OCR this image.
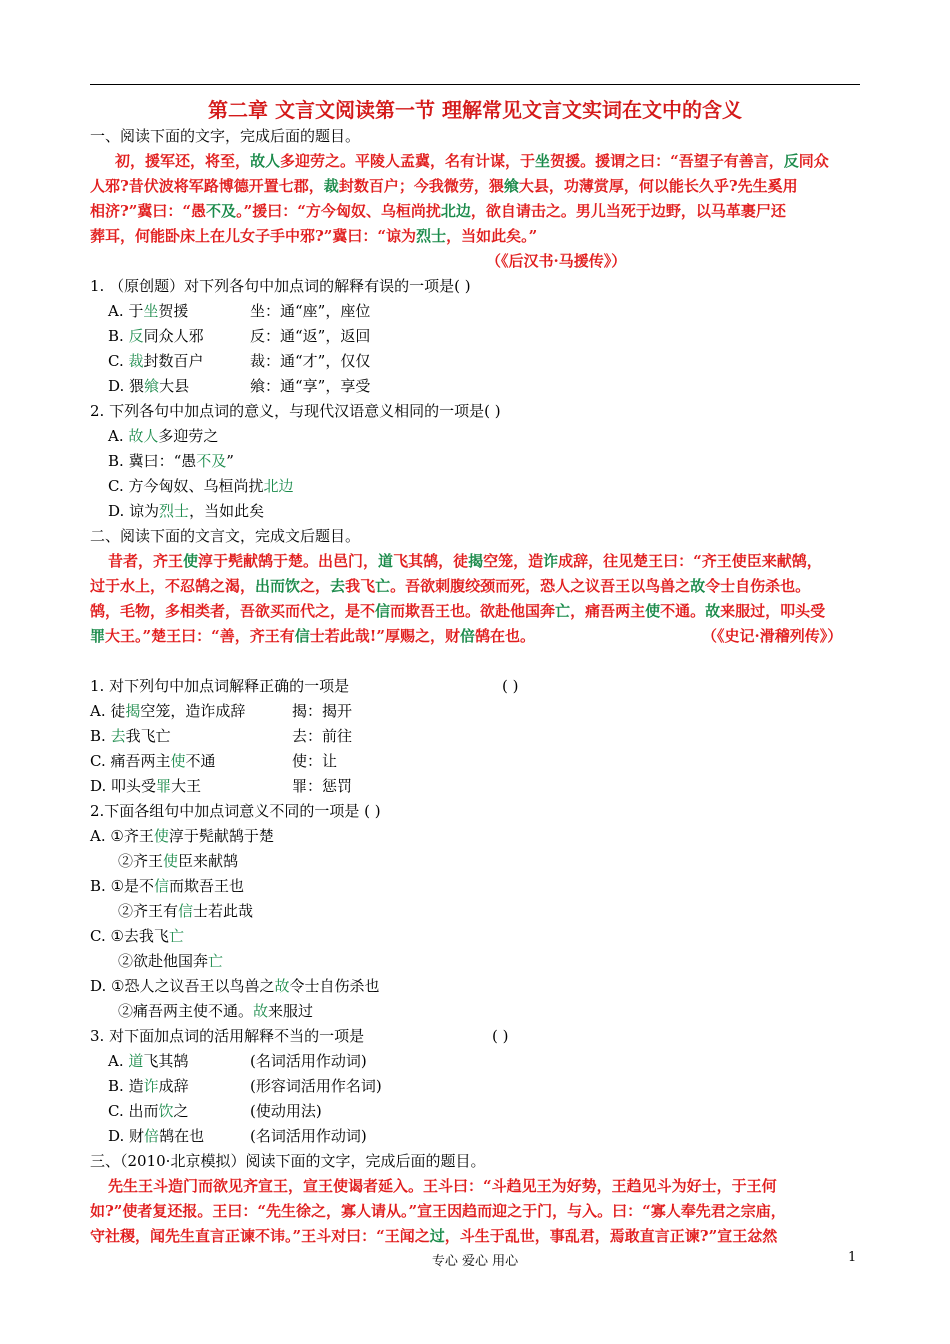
第二章 文言文阅读第一节 理解常见文言文实词在文中的含义
一、阅读下面的文字，完成后面的题目。
初，援军还，将至，故人多迎劳之。平陵人孟冀，名有计谋，于坐贺援。援谓之曰：“吾望子有善言，反同众
人邪?昔伏波将军路博德开置七郡，裁封数百户；今我微劳，猥飨大县，功薄赏厚，何以能长久乎?先生奚用
相济?”冀曰：“愚不及。”援曰：“方今匈奴、乌桓尚扰北边，欲自请击之。男儿当死于边野，以马革裹尸还
葬耳，何能卧床上在儿女子手中邪?”冀曰：“谅为烈士，当如此矣。”
（《后汉书·马援传》）
1. （原创题）对下列各句中加点词的解释有误的一项是( )
A. 于坐贺援	坐：通“座”，座位
B. 反同众人邪	反：通“返”，返回
C. 裁封数百户	裁：通“才”，仅仅
D. 猥飨大县	飨：通“享”，享受
2. 下列各句中加点词的意义，与现代汉语意义相同的一项是( )
A. 故人多迎劳之
B. 冀曰：“愚不及”
C. 方今匈奴、乌桓尚扰北边
D. 谅为烈士，当如此矣
二、阅读下面的文言文，完成文后题目。
昔者，齐王使淳于髡献鹄于楚。出邑门，道飞其鹄，徒揭空笼，造诈成辞，往见楚王曰：“齐王使臣来献鹄，
过于水上，不忍鹄之渴，出而饮之，去我飞亡。吾欲刺腹绞颈而死，恐人之议吾王以鸟兽之故令士自伤杀也。
鹄，毛物，多相类者，吾欲买而代之，是不信而欺吾王也。欲赴他国奔亡，痛吾两主使不通。故来服过，叩头受
罪大王。”楚王曰：“善，齐王有信士若此哉!”厚赐之，财倍鹄在也。	（《史记·滑稽列传》）
1. 对下列句中加点词解释正确的一项是	( )
A. 徒揭空笼，造诈成辞	揭：揭开
B. 去我飞亡	去：前往
C. 痛吾两主使不通	使：让
D. 叩头受罪大王	罪：惩罚
2.下面各组句中加点词意义不同的一项是 ( )
A. ①齐王使淳于髡献鹄于楚
②齐王使臣来献鹄
B. ①是不信而欺吾王也
②齐王有信士若此哉
C. ①去我飞亡
②欲赴他国奔亡
D. ①恐人之议吾王以鸟兽之故令士自伤杀也
②痛吾两主使不通。故来服过
3. 对下面加点词的活用解释不当的一项是	( )
A. 道飞其鹄	(名词活用作动词)
B. 造诈成辞	(形容词活用作名词)
C. 出而饮之	(使动用法)
D. 财倍鹄在也	(名词活用作动词)
三、（2010·北京模拟）阅读下面的文字，完成后面的题目。
先生王斗造门而欲见齐宣王，宣王使谒者延入。王斗曰：“斗趋见王为好势，王趋见斗为好士，于王何
如?”使者复还报。王曰：“先生徐之，寡人请从。”宣王因趋而迎之于门，与入。曰：“寡人奉先君之宗庙，
守社稷，闻先生直言正谏不讳。”王斗对曰：“王闻之过，斗生于乱世，事乱君，焉敢直言正谏?”宣王忿然
专心 爱心 用心	1
